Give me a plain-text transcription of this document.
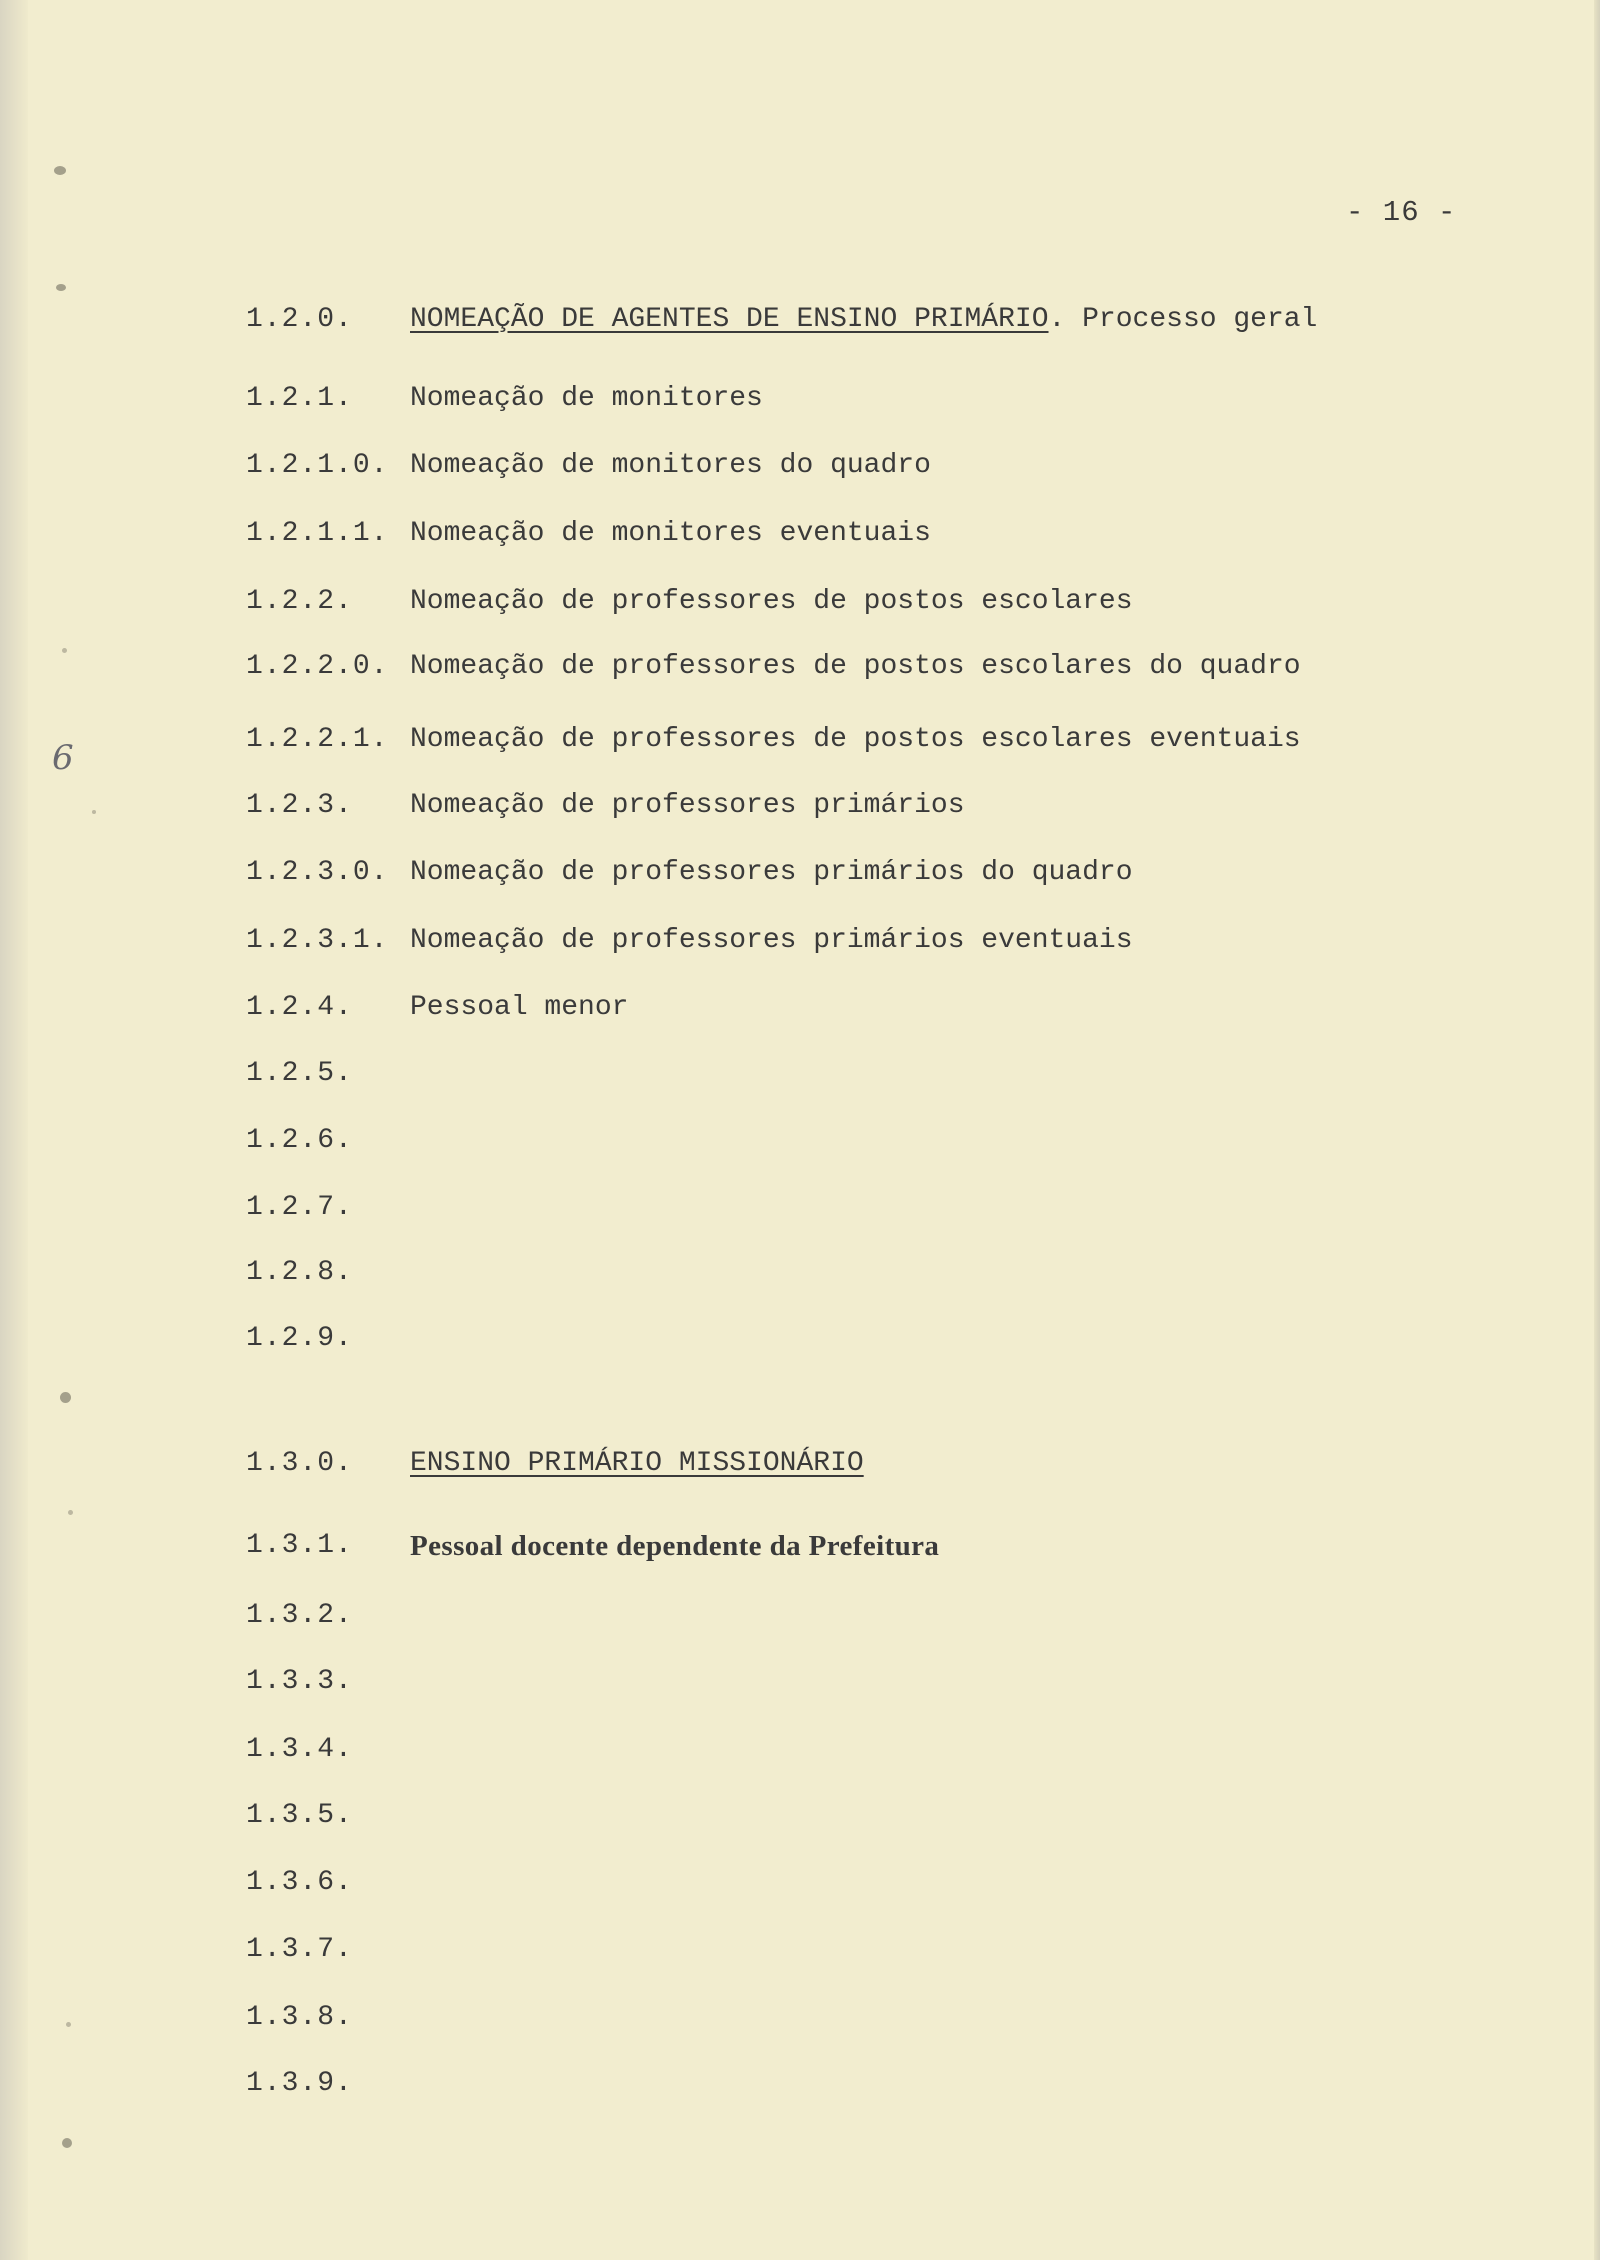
6
- 16 -
1.2.0. NOMEAÇÃO DE AGENTES DE ENSINO PRIMÁRIO. Processo geral
1.2.1. Nomeação de monitores
1.2.1.0. Nomeação de monitores do quadro
1.2.1.1. Nomeação de monitores eventuais
1.2.2. Nomeação de professores de postos escolares
1.2.2.0. Nomeação de professores de postos escolares do quadro
1.2.2.1. Nomeação de professores de postos escolares eventuais
1.2.3. Nomeação de professores primários
1.2.3.0. Nomeação de professores primários do quadro
1.2.3.1. Nomeação de professores primários eventuais
1.2.4. Pessoal menor
1.2.5.
1.2.6.
1.2.7.
1.2.8.
1.2.9.
1.3.0. ENSINO PRIMÁRIO MISSIONÁRIO
1.3.1. Pessoal docente dependente da Prefeitura
1.3.2.
1.3.3.
1.3.4.
1.3.5.
1.3.6.
1.3.7.
1.3.8.
1.3.9.
